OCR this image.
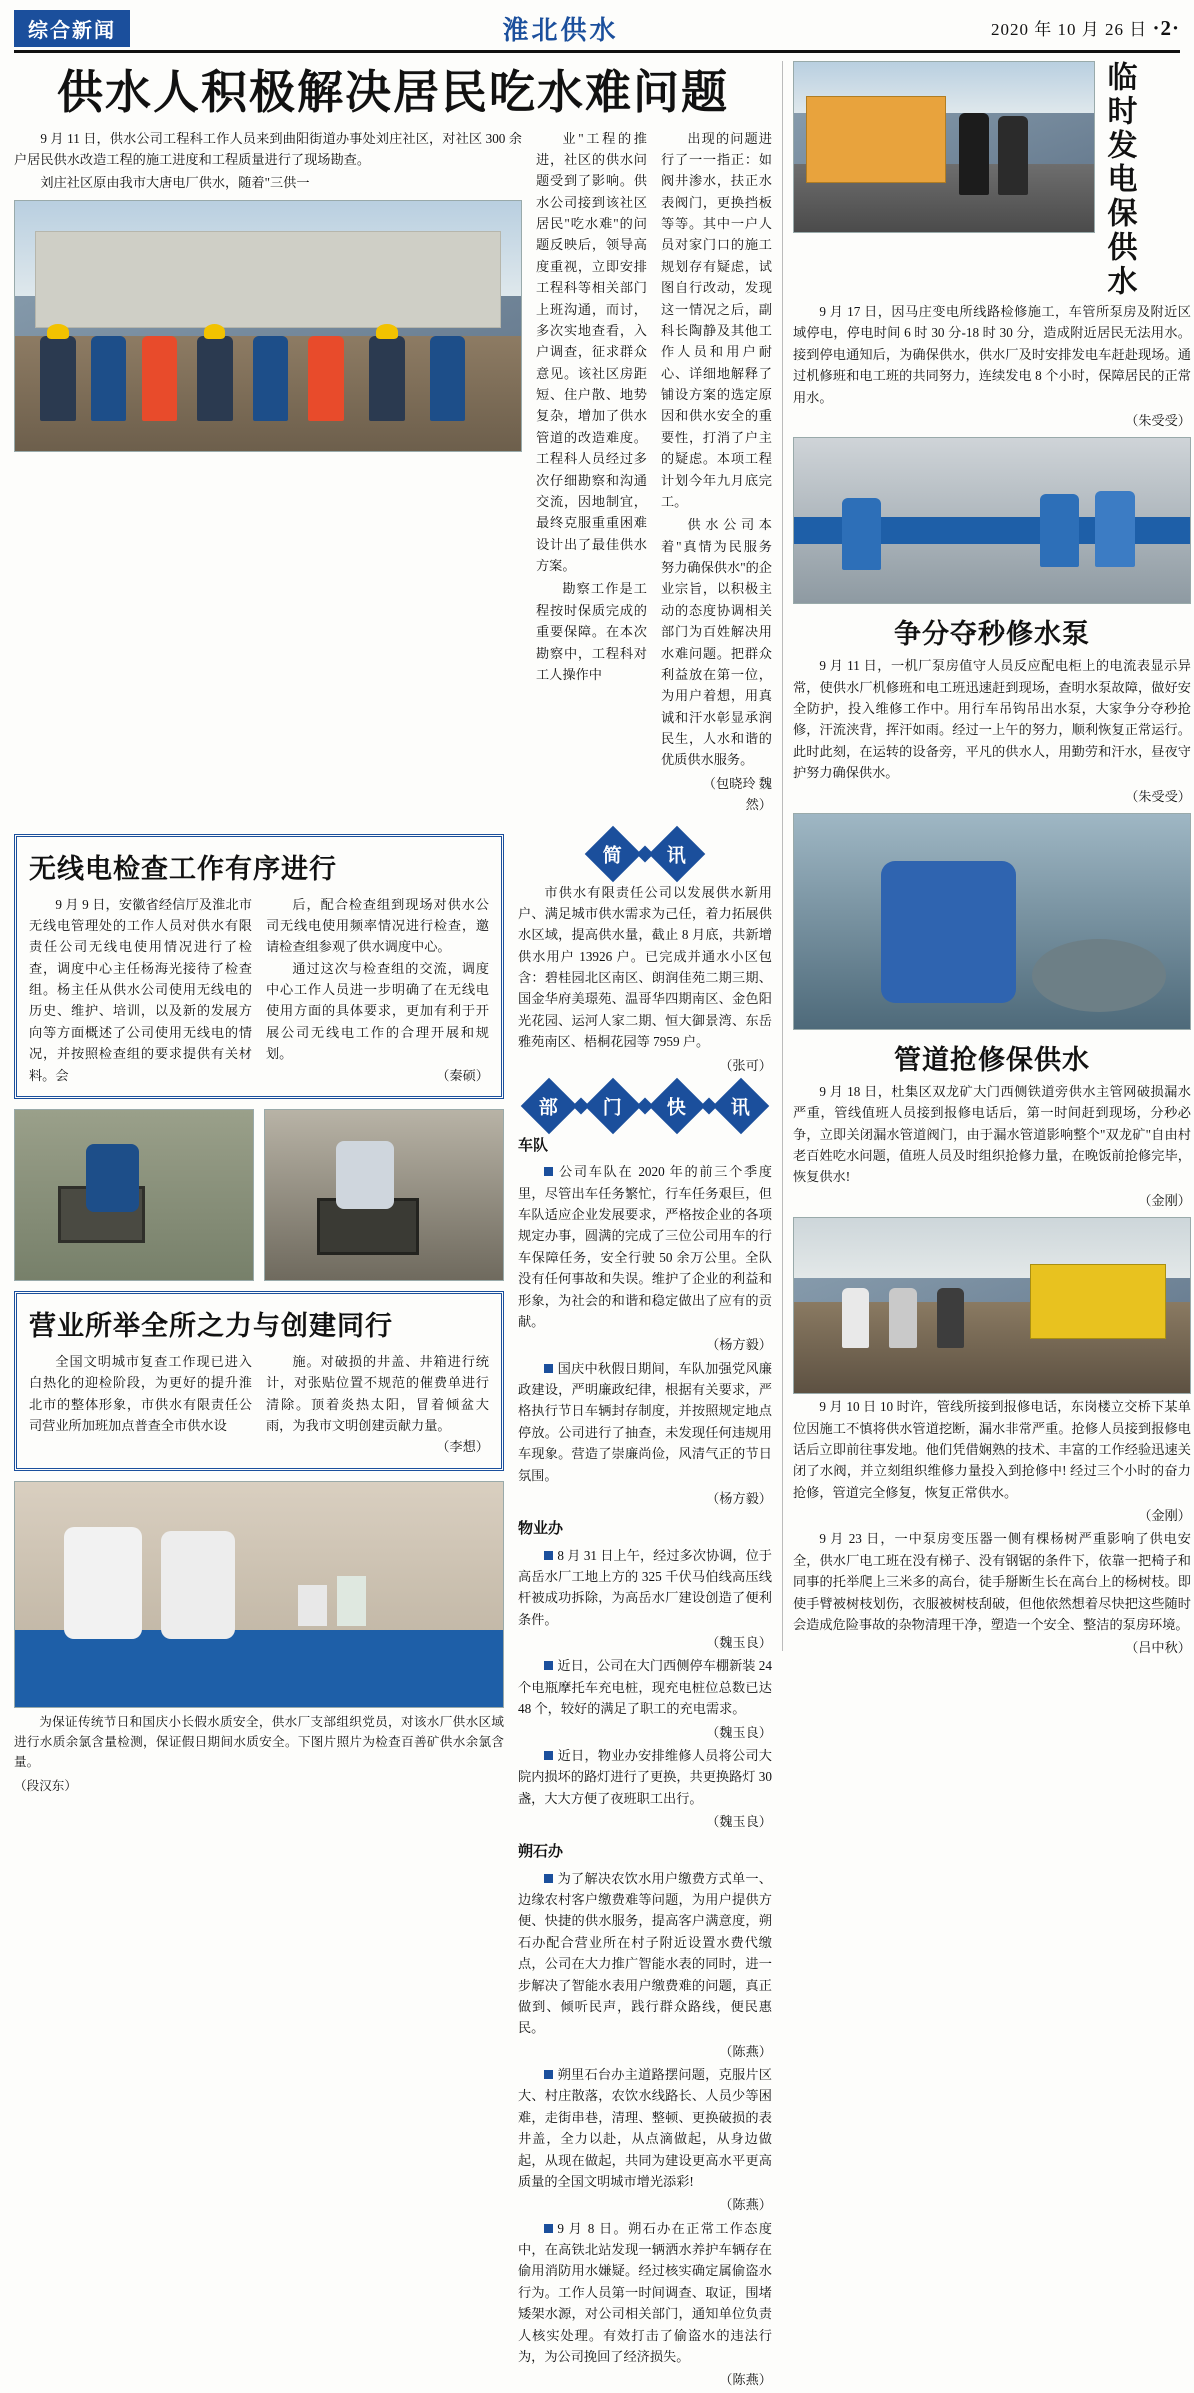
综合新闻	淮北供水	2020 年 10 月 26 日 ·2·
供水人积极解决居民吃水难问题

9 月 11 日，供水公司工程科工作人员来到曲阳街道办事处刘庄社区，对社区 300 余户居民供水改造工程的施工进度和工程质量进行了现场勘查。

刘庄社区原由我市大唐电厂供水，随着"三供一

业"工程的推进，社区的供水问题受到了影响。供水公司接到该社区居民"吃水难"的问题反映后，领导高度重视，立即安排工程科等相关部门上班沟通，而讨，多次实地查看，入户调查，征求群众意见。该社区房距短、住户散、地势复杂，增加了供水管道的改造难度。工程科人员经过多次仔细勘察和沟通交流，因地制宜，最终克服重重困难设计出了最佳供水方案。

勘察工作是工程按时保质完成的重要保障。在本次勘察中，工程科对工人操作中

出现的问题进行了一一指正：如阀井渗水，扶正水表阀门，更换挡板等等。其中一户人员对家门口的施工规划存有疑虑，试图自行改动，发现这一情况之后，副科长陶静及其他工作人员和用户耐心、详细地解释了铺设方案的选定原因和供水安全的重要性，打消了户主的疑虑。本项工程计划今年九月底完工。

供水公司本着"真情为民服务 努力确保供水"的企业宗旨，以积极主动的态度协调相关部门为百姓解决用水难问题。把群众利益放在第一位，为用户着想，用真诚和汗水彰显承润民生，人水和谐的优质供水服务。

（包晓玲 魏然）

无线电检查工作有序进行

9 月 9 日，安徽省经信厅及淮北市无线电管理处的工作人员对供水有限责任公司无线电使用情况进行了检查，调度中心主任杨海光接待了检查组。杨主任从供水公司使用无线电的历史、维护、培训，以及新的发展方向等方面概述了公司使用无线电的情况，并按照检查组的要求提供有关材料。会

后，配合检查组到现场对供水公司无线电使用频率情况进行检查，邀请检查组参观了供水调度中心。

通过这次与检查组的交流，调度中心工作人员进一步明确了在无线电使用方面的具体要求，更加有利于开展公司无线电工作的合理开展和规划。

（秦硕）

营业所举全所之力与创建同行

全国文明城市复查工作现已进入白热化的迎检阶段，为更好的提升淮北市的整体形象，市供水有限责任公司营业所加班加点普查全市供水设

施。对破损的井盖、井箱进行统计，对张贴位置不规范的催费单进行清除。顶着炎热太阳，冒着倾盆大雨，为我市文明创建贡献力量。

（李想）

为保证传统节日和国庆小长假水质安全，供水厂支部组织党员，对该水厂供水区域进行水质余氯含量检测，保证假日期间水质安全。下图片照片为检查百善矿供水余氯含量。

（段汉东）

简 讯

市供水有限责任公司以发展供水新用户、满足城市供水需求为己任，着力拓展供水区域，提高供水量，截止 8 月底，共新增供水用户 13926 户。已完成并通水小区包含：碧桂园北区南区、朗润佳苑二期三期、国金华府美璟苑、温哥华四期南区、金色阳光花园、运河人家二期、恒大御景湾、东岳雅苑南区、梧桐花园等 7959 户。

（张可）

部 门 快 讯
车队

公司车队在 2020 年的前三个季度里，尽管出车任务繁忙，行车任务艰巨，但车队适应企业发展要求，严格按企业的各项规定办事，圆满的完成了三位公司用车的行车保障任务，安全行驶 50 余万公里。全队没有任何事故和失误。维护了企业的利益和形象，为社会的和谐和稳定做出了应有的贡献。

（杨方毅）

国庆中秋假日期间，车队加强党风廉政建设，严明廉政纪律，根据有关要求，严格执行节日车辆封存制度，并按照规定地点停放。公司进行了抽查，未发现任何违规用车现象。营造了崇廉尚俭，风清气正的节日氛围。

（杨方毅）

物业办

8 月 31 日上午，经过多次协调，位于高岳水厂工地上方的 325 千伏马伯线高压线杆被成功拆除，为高岳水厂建设创造了便利条件。

（魏玉良）

近日，公司在大门西侧停车棚新装 24 个电瓶摩托车充电桩，现充电桩位总数已达 48 个，较好的满足了职工的充电需求。

（魏玉良）

近日，物业办安排维修人员将公司大院内损坏的路灯进行了更换，共更换路灯 30 盏，大大方便了夜班职工出行。

（魏玉良）

朔石办

为了解决农饮水用户缴费方式单一、边缘农村客户缴费难等问题，为用户提供方便、快捷的供水服务，提高客户满意度，朔石办配合营业所在村子附近设置水费代缴点，公司在大力推广智能水表的同时，进一步解决了智能水表用户缴费难的问题，真正做到、倾听民声，践行群众路线，便民惠民。

（陈燕）

朔里石台办主道路摆问题，克服片区大、村庄散落，农饮水线路长、人员少等困难，走街串巷，清理、整顿、更换破损的表井盖，全力以赴，从点滴做起，从身边做起，从现在做起，共同为建设更高水平更高质量的全国文明城市增光添彩!

（陈燕）

9 月 8 日。朔石办在正常工作态度中，在高铁北站发现一辆洒水养护车辆存在偷用消防用水嫌疑。经过核实确定属偷盗水行为。工作人员第一时间调查、取证，围堵矮架水源，对公司相关部门，通知单位负责人核实处理。有效打击了偷盗水的违法行为，为公司挽回了经济损失。

（陈燕）

临时发电保供水

9 月 17 日，因马庄变电所线路检修施工，车管所泵房及附近区域停电，停电时间 6 时 30 分-18 时 30 分，造成附近居民无法用水。接到停电通知后，为确保供水，供水厂及时安排发电车赶赴现场。通过机修班和电工班的共同努力，连续发电 8 个小时，保障居民的正常用水。

（朱受受）

争分夺秒修水泵

9 月 11 日，一机厂泵房值守人员反应配电柜上的电流表显示异常，使供水厂机修班和电工班迅速赶到现场，查明水泵故障，做好安全防护，投入维修工作中。用行车吊钩吊出水泵，大家争分夺秒抢修，汗流浃背，挥汗如雨。经过一上午的努力，顺利恢复正常运行。此时此刻，在运转的设备旁，平凡的供水人，用勤劳和汗水，昼夜守护努力确保供水。

（朱受受）

管道抢修保供水

9 月 18 日，杜集区双龙矿大门西侧铁道旁供水主管网破损漏水严重，管线值班人员接到报修电话后，第一时间赶到现场，分秒必争，立即关闭漏水管道阀门，由于漏水管道影响整个"双龙矿"自由村老百姓吃水问题，值班人员及时组织抢修力量，在晚饭前抢修完毕，恢复供水!

（金刚）

9 月 10 日 10 时许，管线所接到报修电话，东岗楼立交桥下某单位因施工不慎将供水管道挖断，漏水非常严重。抢修人员接到报修电话后立即前往事发地。他们凭借娴熟的技术、丰富的工作经验迅速关闭了水阀，并立刻组织维修力量投入到抢修中! 经过三个小时的奋力抢修，管道完全修复，恢复正常供水。

（金刚）

9 月 23 日，一中泵房变压器一侧有棵杨树严重影响了供电安全，供水厂电工班在没有梯子、没有钢锯的条件下，依靠一把椅子和同事的托举爬上三米多的高台，徒手掰断生长在高台上的杨树枝。即使手臂被树枝划伤，衣服被树枝刮破，但他依然想着尽快把这些随时会造成危险事故的杂物清理干净，塑造一个安全、整洁的泵房环境。

（吕中秋）
